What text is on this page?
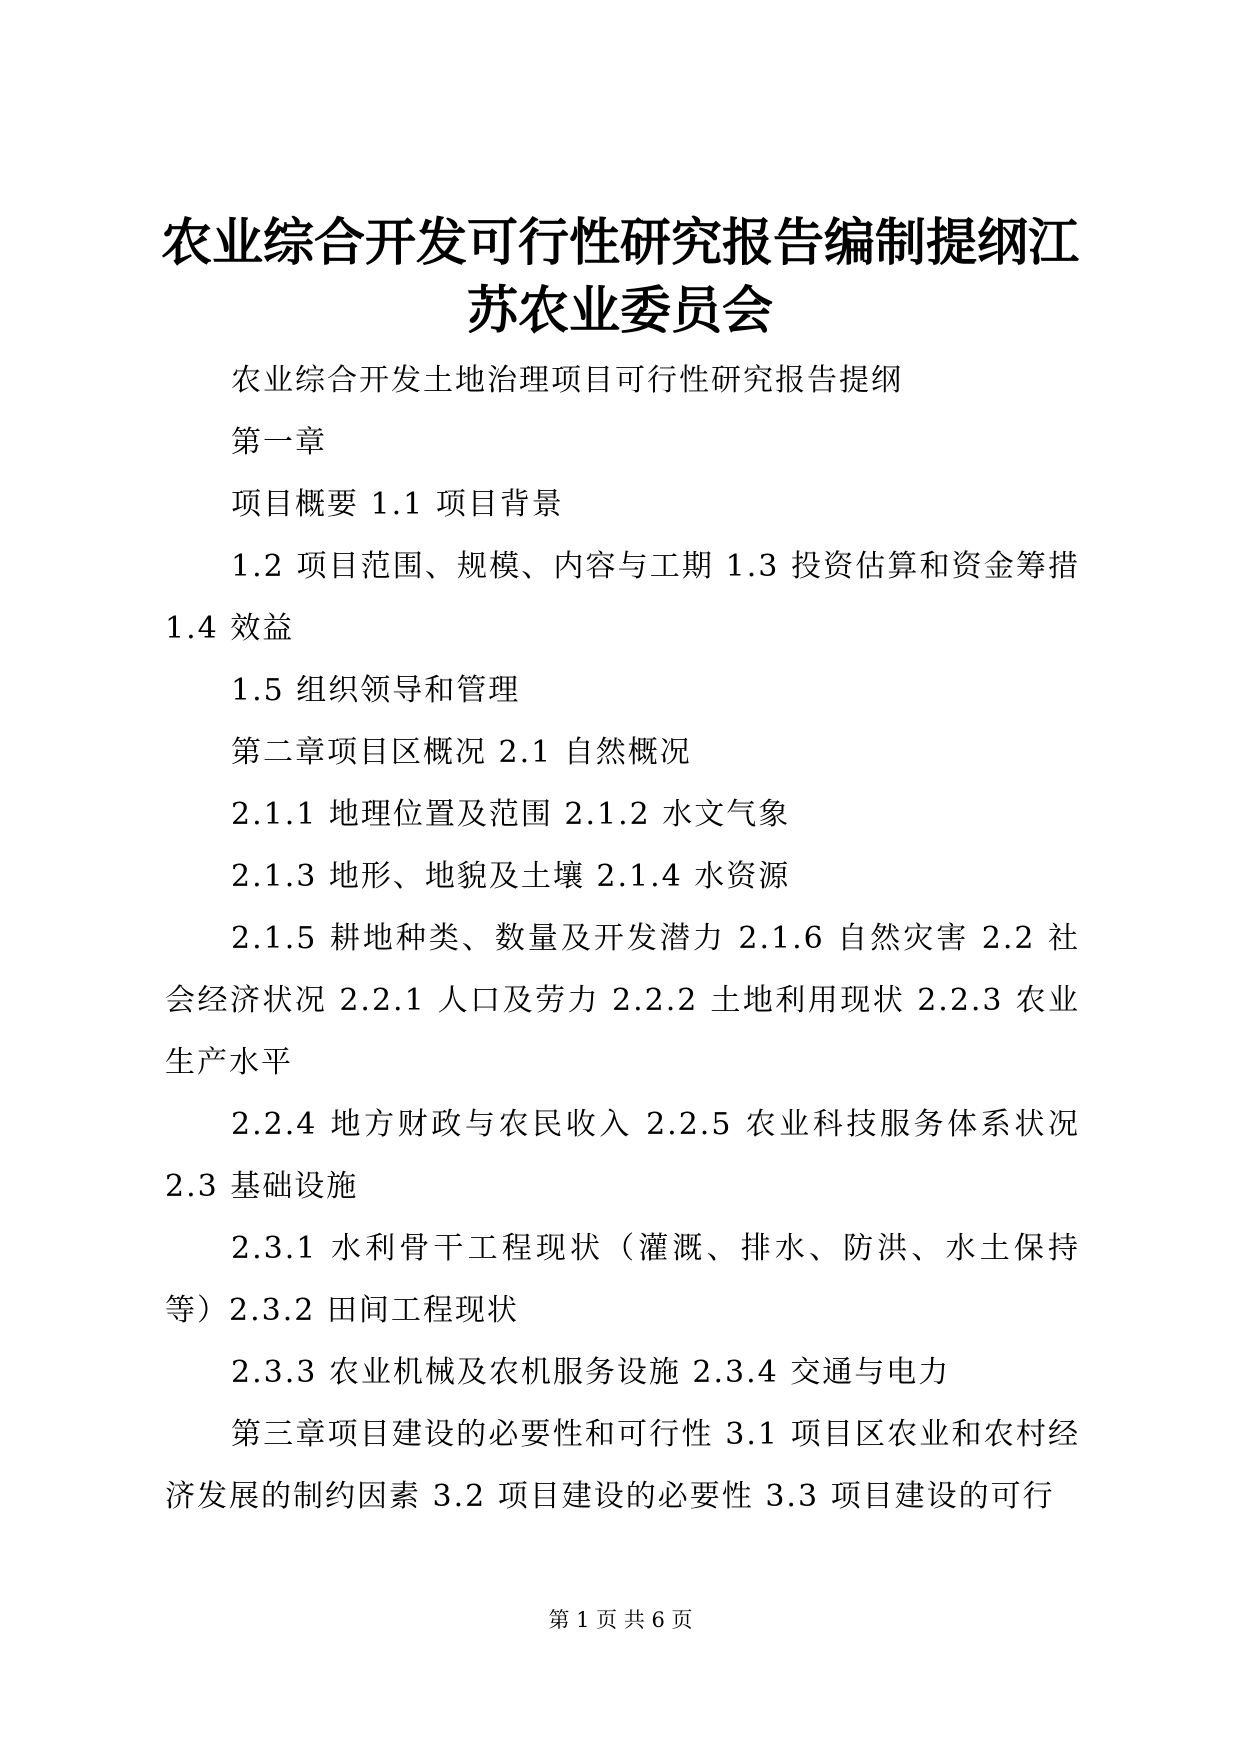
农业综合开发可行性研究报告编制提纲江苏农业委员会

农业综合开发土地治理项目可行性研究报告提纲

第一章

项目概要 1.1 项目背景

1.2 项目范围、规模、内容与工期 1.3 投资估算和资金筹措 1.4 效益

1.5 组织领导和管理

第二章项目区概况 2.1 自然概况

2.1.1 地理位置及范围 2.1.2 水文气象

2.1.3 地形、地貌及土壤 2.1.4 水资源

2.1.5 耕地种类、数量及开发潜力 2.1.6 自然灾害 2.2 社会经济状况 2.2.1 人口及劳力 2.2.2 土地利用现状 2.2.3 农业生产水平

2.2.4 地方财政与农民收入 2.2.5 农业科技服务体系状况 2.3 基础设施

2.3.1 水利骨干工程现状（灌溉、排水、防洪、水土保持等）2.3.2 田间工程现状

2.3.3 农业机械及农机服务设施 2.3.4 交通与电力

第三章项目建设的必要性和可行性 3.1 项目区农业和农村经济发展的制约因素 3.2 项目建设的必要性 3.3 项目建设的可行

第 1 页 共 6 页
